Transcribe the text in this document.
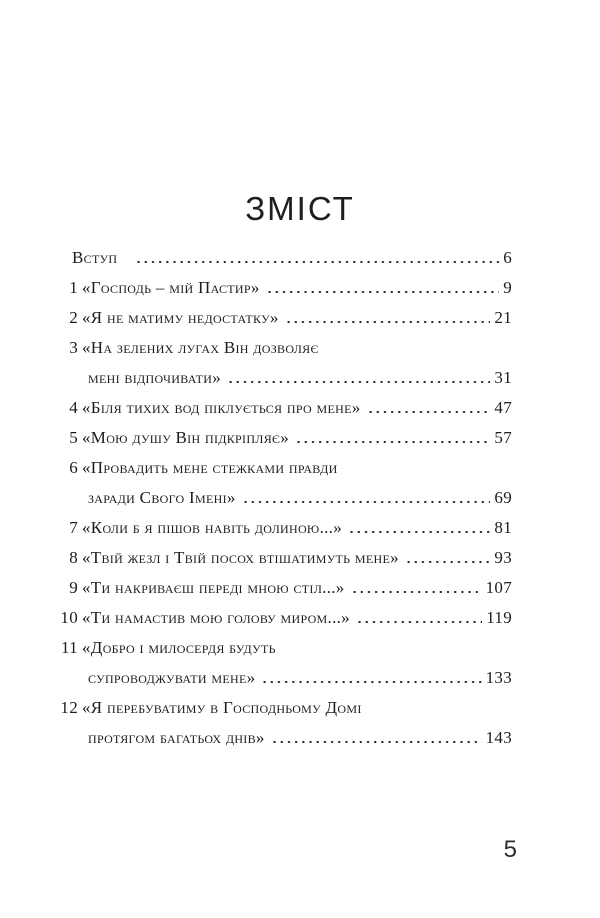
ЗМІСТ
Вступ	6
1 «Господь – мій Пастир»	9
2 «Я не матиму недостатку»	21
3 «На зелених лугах Він дозволяє
мені відпочивати»	31
4 «Біля тихих вод піклується про мене»	47
5 «Мою душу Він підкріпляє»	57
6 «Провадить мене стежками правди
заради Свого Імені»	69
7 «Коли б я пішов навіть долиною...»	81
8 «Твій жезл і Твій посох втішатимуть мене»	93
9 «Ти накриваєш переді мною стіл...»	107
10 «Ти намастив мою голову миром...»	119
11 «Добро і милосердя будуть
супроводжувати мене»	133
12 «Я перебуватиму в Господньому Домі
протягом багатьох днів»	143
5
